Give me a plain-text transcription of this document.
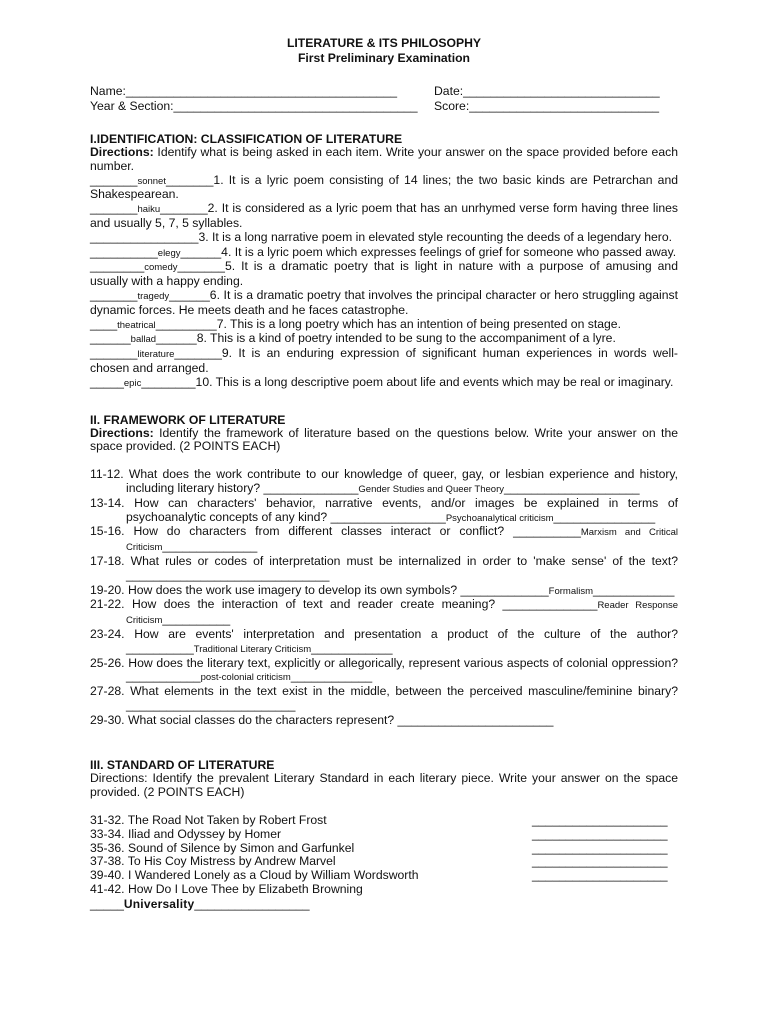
LITERATURE & ITS PHILOSOPHY
First Preliminary Examination
Name:________________________________________	Date:_____________________________
Year & Section:____________________________________	Score:____________________________
I.IDENTIFICATION: CLASSIFICATION OF LITERATURE

Directions: Identify what is being asked in each item. Write your answer on the space provided before each number.

_______sonnet_______1. It is a lyric poem consisting of 14 lines; the two basic kinds are Petrarchan and Shakespearean.

_______haiku_______2. It is considered as a lyric poem that has an unrhymed verse form having three lines and usually 5, 7, 5 syllables.

________________3. It is a long narrative poem in elevated style recounting the deeds of a legendary hero.

__________elegy______4. It is a lyric poem which expresses feelings of grief for someone who passed away.

________comedy_______5. It is a dramatic poetry that is light in nature with a purpose of amusing and usually with a happy ending.

_______tragedy______6. It is a dramatic poetry that involves the principal character or hero struggling against dynamic forces. He meets death and he faces catastrophe.

____theatrical_________7. This is a long poetry which has an intention of being presented on stage.

______ballad______8. This is a kind of poetry intended to be sung to the accompaniment of a lyre.

_______literature_______9. It is an enduring expression of significant human experiences in words well-chosen and arranged.

_____epic________10. This is a long descriptive poem about life and events which may be real or imaginary.

II. FRAMEWORK OF LITERATURE

Directions: Identify the framework of literature based on the questions below. Write your answer on the space provided. (2 POINTS EACH)

11-12. What does the work contribute to our knowledge of queer, gay, or lesbian experience and history, including literary history? ______________Gender Studies and Queer Theory____________________

13-14. How can characters' behavior, narrative events, and/or images be explained in terms of psychoanalytic concepts of any kind? _________________Psychoanalytical criticism_______________

15-16. How do characters from different classes interact or conflict? __________Marxism and Critical Criticism______________

17-18. What rules or codes of interpretation must be internalized in order to 'make sense' of the text? ______________________________

19-20. How does the work use imagery to develop its own symbols? _____________Formalism____________

21-22. How does the interaction of text and reader create meaning? ______________Reader Response Criticism__________

23-24. How are events' interpretation and presentation a product of the culture of the author? __________Traditional Literary Criticism____________

25-26. How does the literary text, explicitly or allegorically, represent various aspects of colonial oppression? ___________post-colonial criticism____________

27-28. What elements in the text exist in the middle, between the perceived masculine/feminine binary? _________________________

29-30. What social classes do the characters represent? _______________________

III. STANDARD OF LITERATURE

Directions: Identify the prevalent Literary Standard in each literary piece. Write your answer on the space provided. (2 POINTS EACH)

31-32. The Road Not Taken by Robert Frost	____________________
33-34. Iliad and Odyssey by Homer	____________________
35-36. Sound of Silence by Simon and Garfunkel	____________________
37-38. To His Coy Mistress by Andrew Marvel	____________________
39-40. I Wandered Lonely as a Cloud by William Wordsworth	____________________
41-42. How Do I Love Thee by Elizabeth Browning
_____Universality_________________
